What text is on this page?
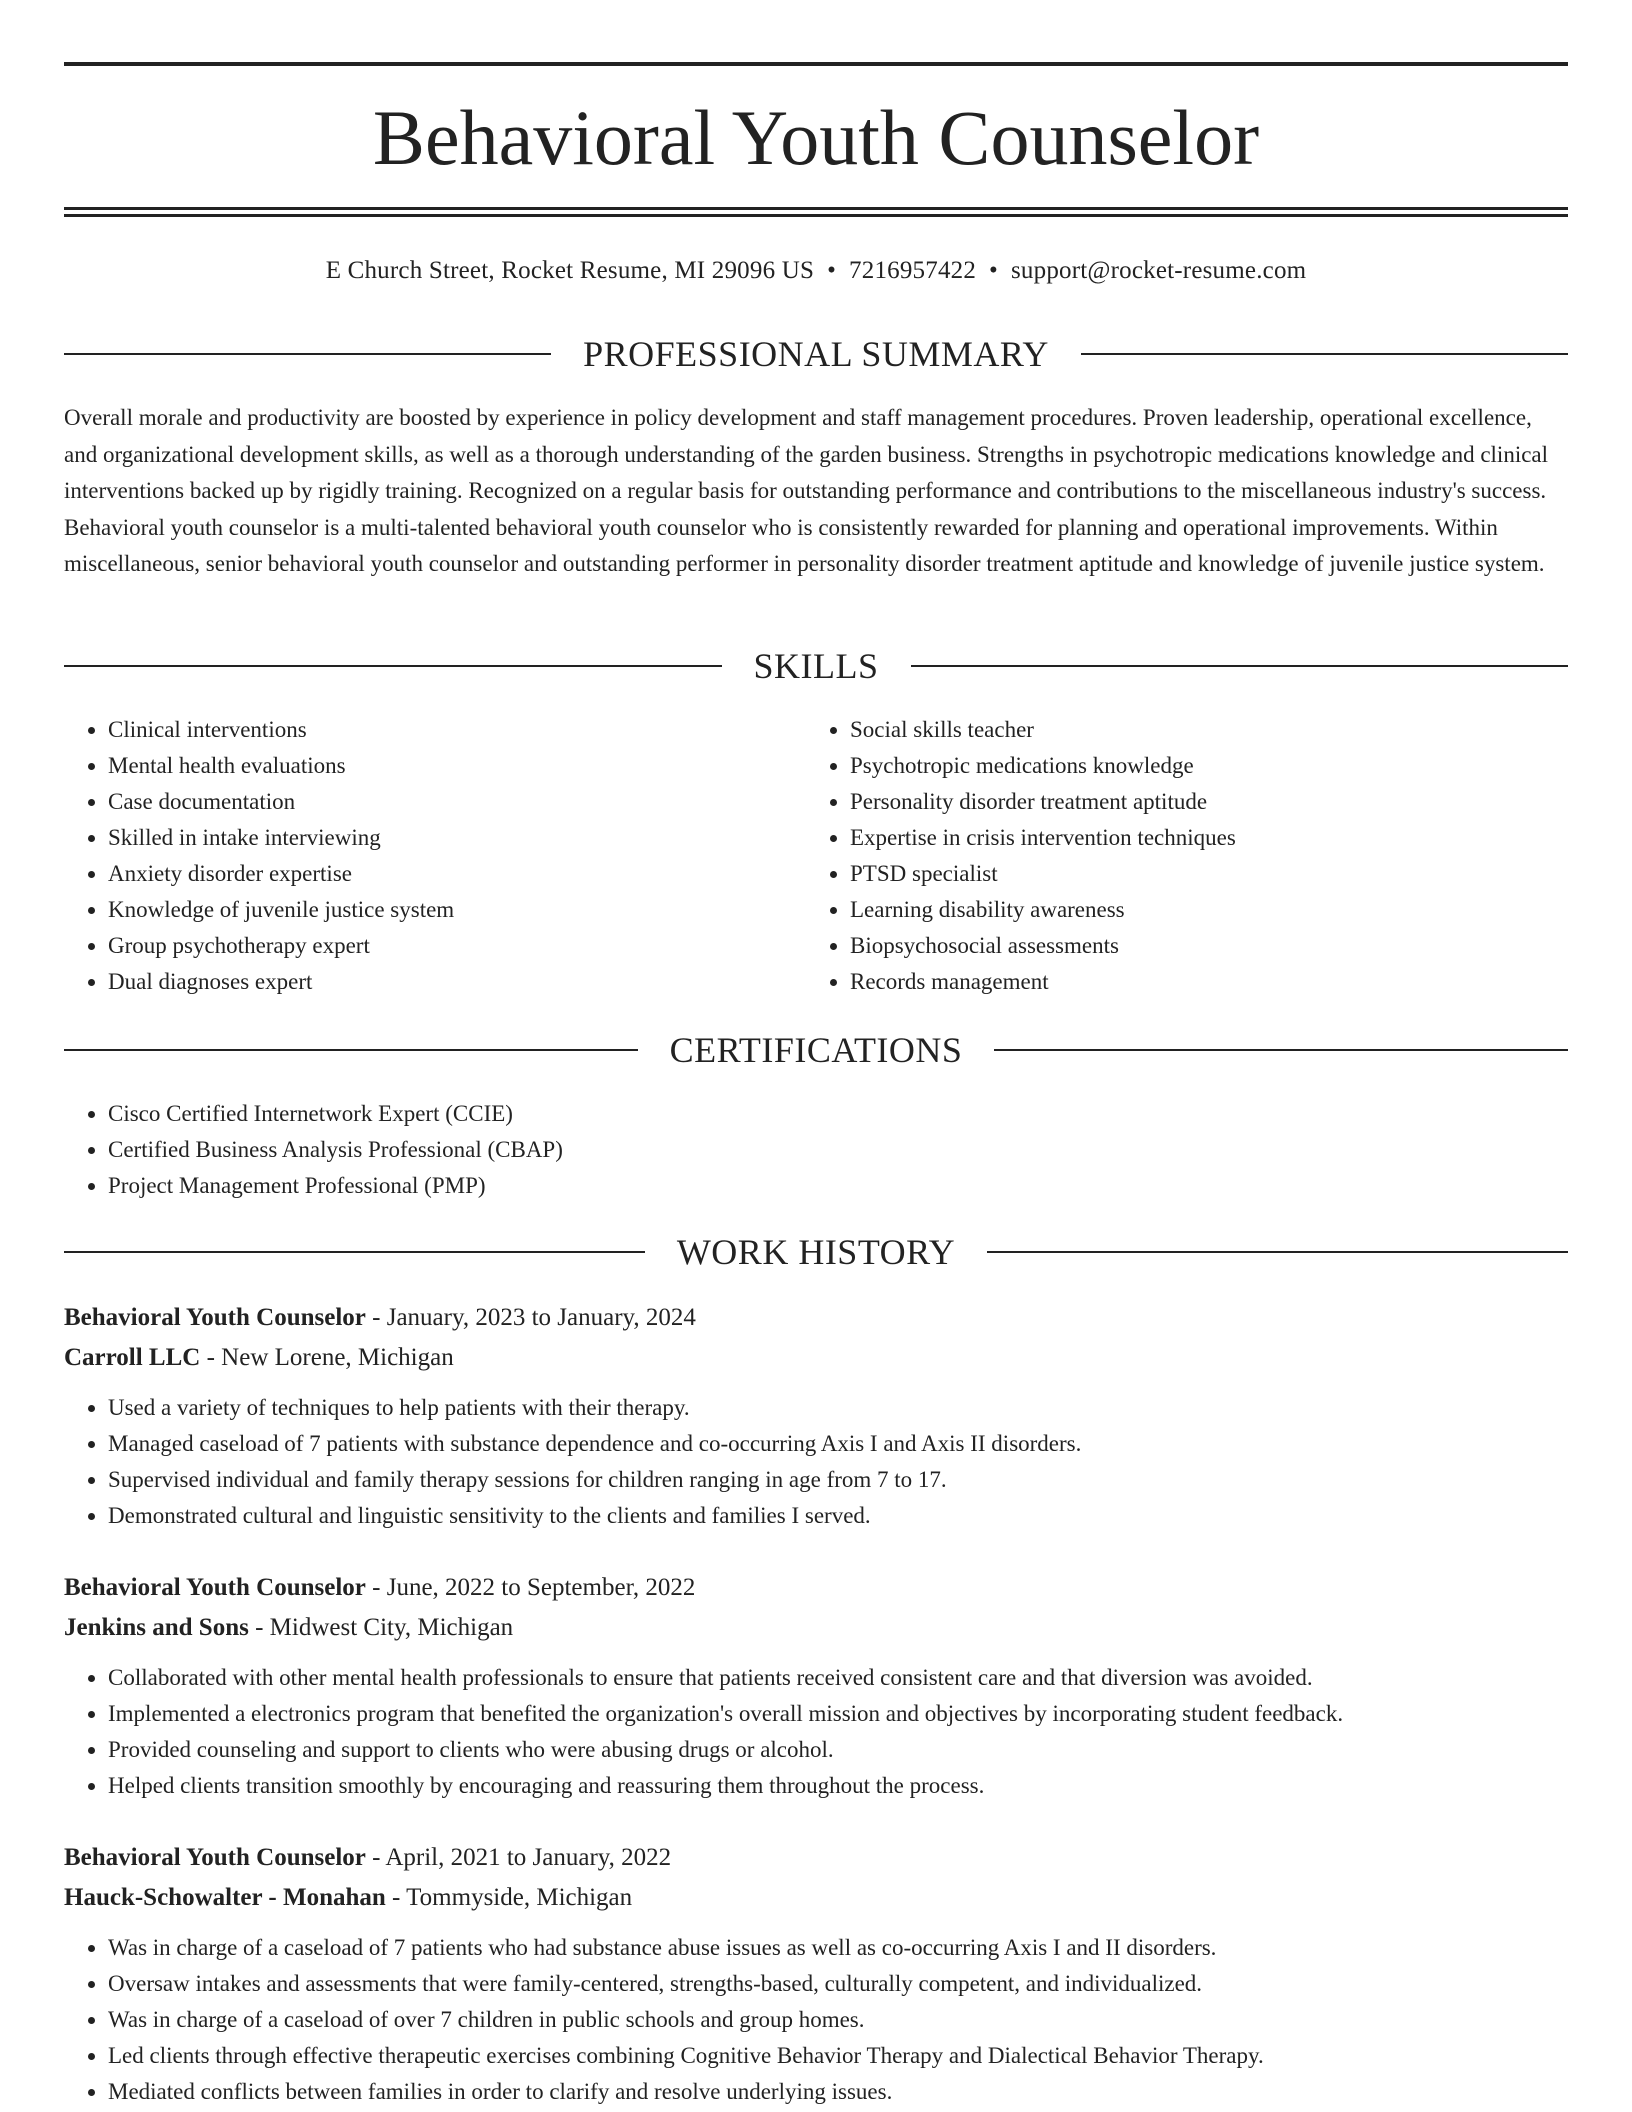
Behavioral Youth Counselor
E Church Street, Rocket Resume, MI 29096 US • 7216957422 • support@rocket-resume.com
PROFESSIONAL SUMMARY

Overall morale and productivity are boosted by experience in policy development and staff management procedures. Proven leadership, operational excellence, and organizational development skills, as well as a thorough understanding of the garden business. Strengths in psychotropic medications knowledge and clinical interventions backed up by rigidly training. Recognized on a regular basis for outstanding performance and contributions to the miscellaneous industry's success. Behavioral youth counselor is a multi-talented behavioral youth counselor who is consistently rewarded for planning and operational improvements. Within miscellaneous, senior behavioral youth counselor and outstanding performer in personality disorder treatment aptitude and knowledge of juvenile justice system.

SKILLS
• Clinical interventions
• Mental health evaluations
• Case documentation
• Skilled in intake interviewing
• Anxiety disorder expertise
• Knowledge of juvenile justice system
• Group psychotherapy expert
• Dual diagnoses expert
• Social skills teacher
• Psychotropic medications knowledge
• Personality disorder treatment aptitude
• Expertise in crisis intervention techniques
• PTSD specialist
• Learning disability awareness
• Biopsychosocial assessments
• Records management
CERTIFICATIONS
• Cisco Certified Internetwork Expert (CCIE)
• Certified Business Analysis Professional (CBAP)
• Project Management Professional (PMP)
WORK HISTORY
Behavioral Youth Counselor - January, 2023 to January, 2024
Carroll LLC - New Lorene, Michigan
• Used a variety of techniques to help patients with their therapy.
• Managed caseload of 7 patients with substance dependence and co-occurring Axis I and Axis II disorders.
• Supervised individual and family therapy sessions for children ranging in age from 7 to 17.
• Demonstrated cultural and linguistic sensitivity to the clients and families I served.
Behavioral Youth Counselor - June, 2022 to September, 2022
Jenkins and Sons - Midwest City, Michigan
• Collaborated with other mental health professionals to ensure that patients received consistent care and that diversion was avoided.
• Implemented a electronics program that benefited the organization's overall mission and objectives by incorporating student feedback.
• Provided counseling and support to clients who were abusing drugs or alcohol.
• Helped clients transition smoothly by encouraging and reassuring them throughout the process.
Behavioral Youth Counselor - April, 2021 to January, 2022
Hauck-Schowalter - Monahan - Tommyside, Michigan
• Was in charge of a caseload of 7 patients who had substance abuse issues as well as co-occurring Axis I and II disorders.
• Oversaw intakes and assessments that were family-centered, strengths-based, culturally competent, and individualized.
• Was in charge of a caseload of over 7 children in public schools and group homes.
• Led clients through effective therapeutic exercises combining Cognitive Behavior Therapy and Dialectical Behavior Therapy.
• Mediated conflicts between families in order to clarify and resolve underlying issues.
